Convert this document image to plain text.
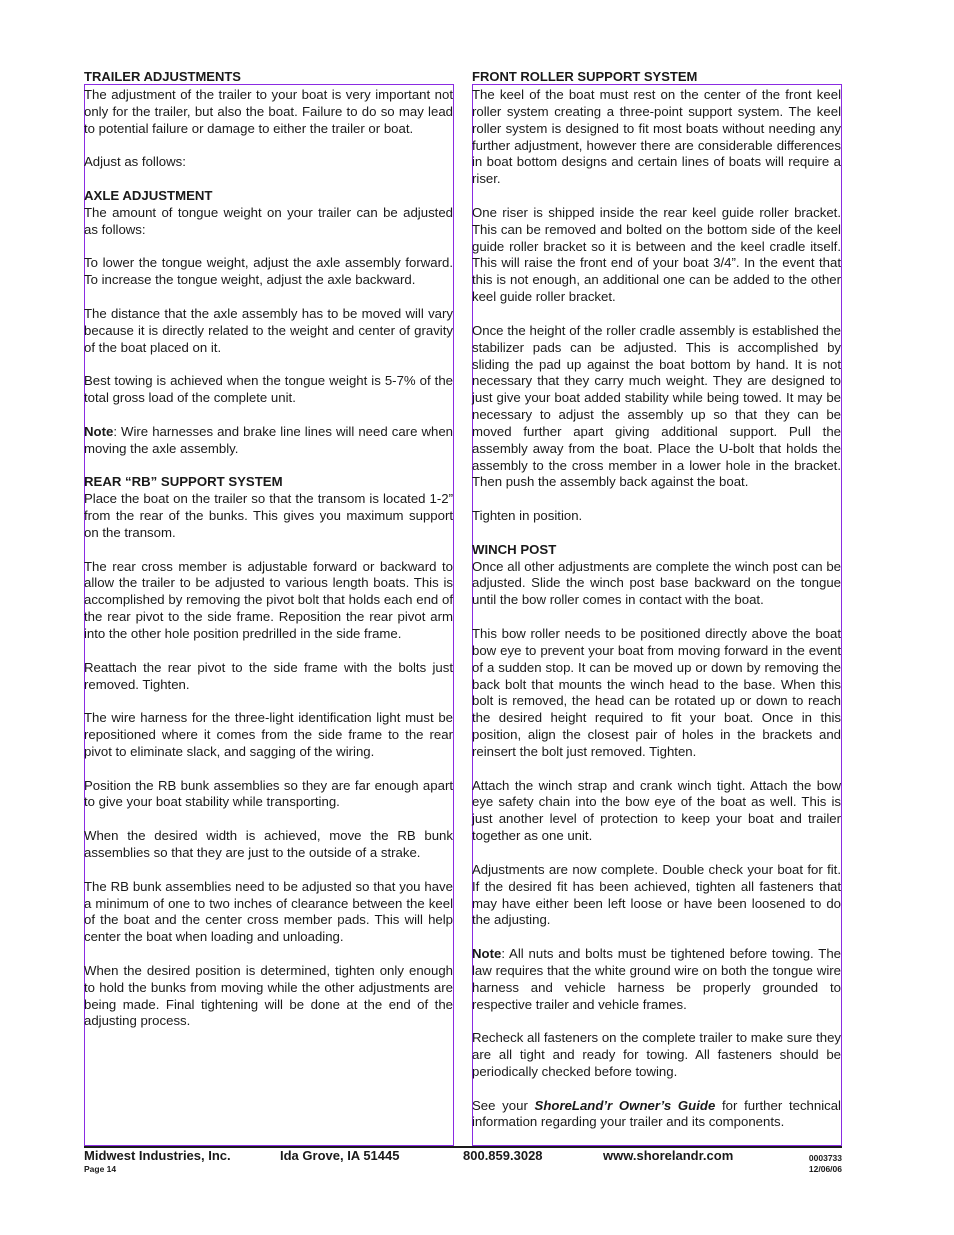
TRAILER ADJUSTMENTS	FRONT ROLLER SUPPORT SYSTEM

The adjustment of the trailer to your boat is very important not only for the trailer, but also the boat. Failure to do so may lead to potential failure or damage to either the trailer or boat.

Adjust as follows:

AXLE ADJUSTMENT

The amount of tongue weight on your trailer can be adjusted as follows:

To lower the tongue weight, adjust the axle assembly forward. To increase the tongue weight, adjust the axle backward.

The distance that the axle assembly has to be moved will vary because it is directly related to the weight and center of gravity of the boat placed on it.

Best towing is achieved when the tongue weight is 5-7% of the total gross load of the complete unit.

Note: Wire harnesses and brake line lines will need care when moving the axle assembly.

REAR “RB” SUPPORT SYSTEM

Place the boat on the trailer so that the transom is located 1-2” from the rear of the bunks. This gives you maximum support on the transom.

The rear cross member is adjustable forward or backward to allow the trailer to be adjusted to various length boats. This is accomplished by removing the pivot bolt that holds each end of the rear pivot to the side frame. Reposition the rear pivot arm into the other hole position predrilled in the side frame.

Reattach the rear pivot to the side frame with the bolts just removed. Tighten.

The wire harness for the three-light identification light must be repositioned where it comes from the side frame to the rear pivot to eliminate slack, and sagging of the wiring.

Position the RB bunk assemblies so they are far enough apart to give your boat stability while transporting.

When the desired width is achieved, move the RB bunk assemblies so that they are just to the outside of a strake.

The RB bunk assemblies need to be adjusted so that you have a minimum of one to two inches of clearance between the keel of the boat and the center cross member pads. This will help center the boat when loading and unloading.

When the desired position is determined, tighten only enough to hold the bunks from moving while the other adjustments are being made. Final tightening will be done at the end of the adjusting process.

The keel of the boat must rest on the center of the front keel roller system creating a three-point support system. The keel roller system is designed to fit most boats without needing any further adjustment, however there are considerable differences in boat bottom designs and certain lines of boats will require a riser.

One riser is shipped inside the rear keel guide roller bracket. This can be removed and bolted on the bottom side of the keel guide roller bracket so it is between and the keel cradle itself. This will raise the front end of your boat 3/4”. In the event that this is not enough, an additional one can be added to the other keel guide roller bracket.

Once the height of the roller cradle assembly is established the stabilizer pads can be adjusted. This is accomplished by sliding the pad up against the boat bottom by hand. It is not necessary that they carry much weight. They are designed to just give your boat added stability while being towed. It may be necessary to adjust the assembly up so that they can be moved further apart giving additional support. Pull the assembly away from the boat. Place the U-bolt that holds the assembly to the cross member in a lower hole in the bracket. Then push the assembly back against the boat.

Tighten in position.

WINCH POST

Once all other adjustments are complete the winch post can be adjusted. Slide the winch post base backward on the tongue until the bow roller comes in contact with the boat.

This bow roller needs to be positioned directly above the boat bow eye to prevent your boat from moving forward in the event of a sudden stop. It can be moved up or down by removing the back bolt that mounts the winch head to the base. When this bolt is removed, the head can be rotated up or down to reach the desired height required to fit your boat. Once in this position, align the closest pair of holes in the brackets and reinsert the bolt just removed. Tighten.

Attach the winch strap and crank winch tight. Attach the bow eye safety chain into the bow eye of the boat as well. This is just another level of protection to keep your boat and trailer together as one unit.

Adjustments are now complete. Double check your boat for fit. If the desired fit has been achieved, tighten all fasteners that may have either been left loose or have been loosened to do the adjusting.

Note: All nuts and bolts must be tightened before towing. The law requires that the white ground wire on both the tongue wire harness and vehicle harness be properly grounded to respective trailer and vehicle frames.

Recheck all fasteners on the complete trailer to make sure they are all tight and ready for towing. All fasteners should be periodically checked before towing.

See your ShoreLand’r Owner’s Guide for further technical information regarding your trailer and its components.

Midwest Industries, Inc.	Ida Grove, IA 51445	800.859.3028	www.shorelandr.com
Page 14
0003733
12/06/06
